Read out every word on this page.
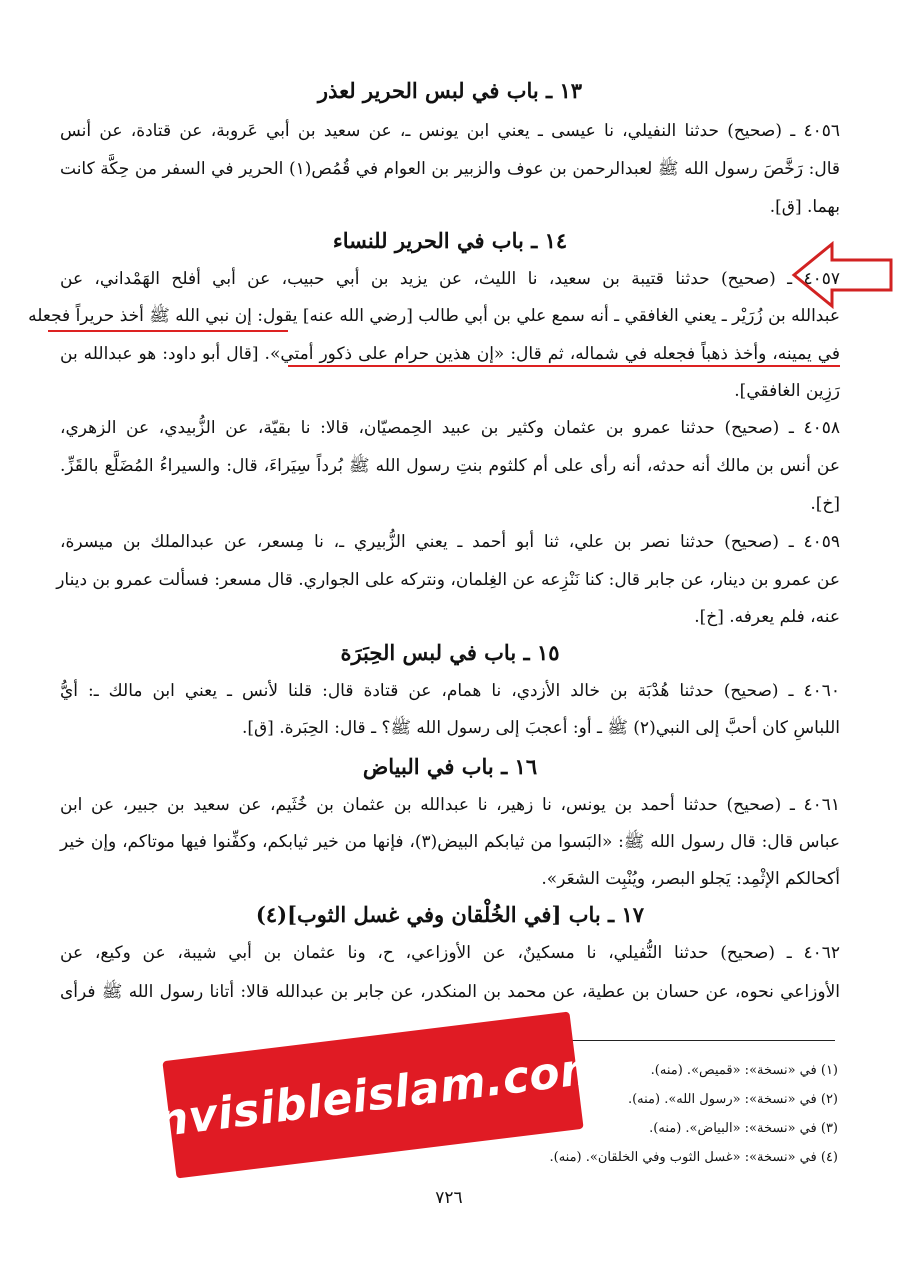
١٣ ـ باب في لبس الحرير لعذر
٤٠٥٦ ـ (صحيح) حدثنا النفيلي، نا عيسى ـ يعني ابن يونس ـ، عن سعيد بن أبي عَروبة، عن قتادة، عن أنس
قال: رَخَّصَ رسول الله ﷺ لعبدالرحمن بن عوف والزبير بن العوام في قُمُص(١) الحرير في السفر من حِكَّة كانت
بهما. [ق].
١٤ ـ باب في الحرير للنساء
٤٠٥٧ ـ (صحيح) حدثنا قتيبة بن سعيد، نا الليث، عن يزيد بن أبي حبيب، عن أبي أفلح الهَمْداني، عن
عبدالله بن زُرَيْر ـ يعني الغافقي ـ أنه سمع علي بن أبي طالب [رضي الله عنه] يقول: إن نبي الله ﷺ أخذ حريراً فجعله
في يمينه، وأخذ ذهباً فجعله في شماله، ثم قال: «إن هذين حرام على ذكور أمتي». [قال أبو داود: هو عبدالله بن
رَزِين الغافقي].
٤٠٥٨ ـ (صحيح) حدثنا عمرو بن عثمان وكثير بن عبيد الحِمصيّان، قالا: نا بقيّة، عن الزُّبيدي، عن الزهري،
عن أنس بن مالك أنه حدثه، أنه رأى على أم كلثوم بنتِ رسول الله ﷺ بُرداً سِيَراءَ، قال: والسيراءُ المُضَلَّع بالقَزِّ.
[خ].
٤٠٥٩ ـ (صحيح) حدثنا نصر بن علي، ثنا أبو أحمد ـ يعني الزُّبيري ـ، نا مِسعر، عن عبدالملك بن ميسرة،
عن عمرو بن دينار، عن جابر قال: كنا نَنْزِعه عن الغِلمان، ونتركه على الجواري. قال مسعر: فسألت عمرو بن دينار
عنه، فلم يعرفه. [خ].
١٥ ـ باب في لبس الحِبَرَة
٤٠٦٠ ـ (صحيح) حدثنا هُدْبَة بن خالد الأزدي، نا همام، عن قتادة قال: قلنا لأنس ـ يعني ابن مالك ـ: أيُّ
اللباسِ كان أحبَّ إلى النبي(٢) ﷺ ـ أو: أعجبَ إلى رسول الله ﷺ؟ ـ قال: الحِبَرة. [ق].
١٦ ـ باب في البياض
٤٠٦١ ـ (صحيح) حدثنا أحمد بن يونس، نا زهير، نا عبدالله بن عثمان بن خُثَيم، عن سعيد بن جبير، عن ابن
عباس قال: قال رسول الله ﷺ: «البَسوا من ثيابكم البيض(٣)، فإنها من خير ثيابكم، وكفِّنوا فيها موتاكم، وإن خير
أكحالكم الإثْمِد: يَجلو البصر، ويُنْبِت الشعَر».
١٧ ـ باب [في الخُلْقان وفي غسل الثوب](٤)
٤٠٦٢ ـ (صحيح) حدثنا النُّفيلي، نا مسكينٌ، عن الأوزاعي، ح، ونا عثمان بن أبي شيبة، عن وكيع، عن
الأوزاعي نحوه، عن حسان بن عطية، عن محمد بن المنكدر، عن جابر بن عبدالله قالا: أتانا رسول الله ﷺ فرأى
(١) في «نسخة»: «قميص». (منه).
(٢) في «نسخة»: «رسول الله». (منه).
(٣) في «نسخة»: «البياض». (منه).
(٤) في «نسخة»: «غسل الثوب وفي الخلقان». (منه).
٧٢٦
Invisibleislam.com
